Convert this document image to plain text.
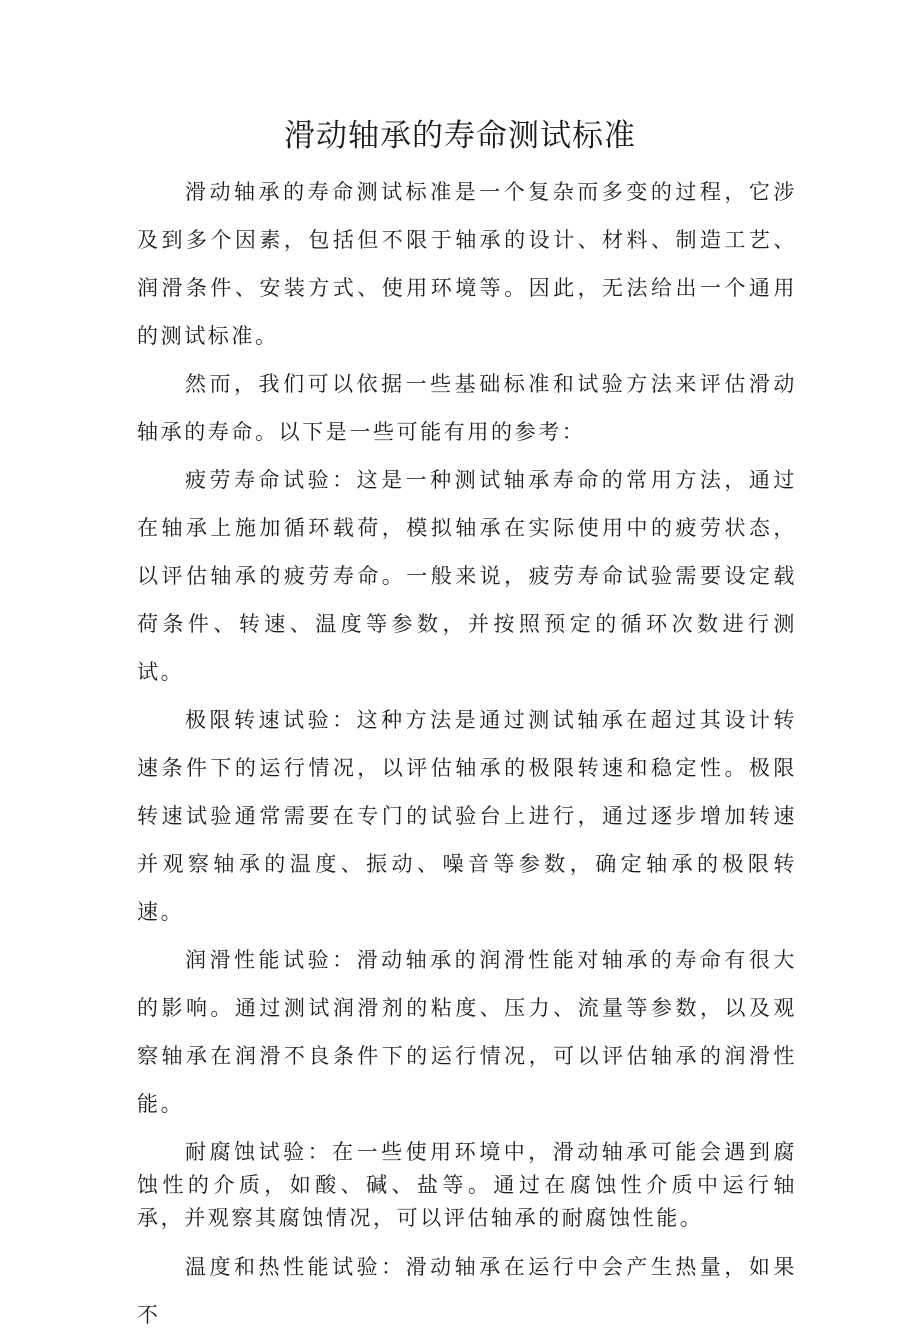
滑动轴承的寿命测试标准

滑动轴承的寿命测试标准是一个复杂而多变的过程，它涉及到多个因素，包括但不限于轴承的设计、材料、制造工艺、润滑条件、安装方式、使用环境等。因此，无法给出一个通用的测试标准。

然而，我们可以依据一些基础标准和试验方法来评估滑动轴承的寿命。以下是一些可能有用的参考：

疲劳寿命试验：这是一种测试轴承寿命的常用方法，通过在轴承上施加循环载荷，模拟轴承在实际使用中的疲劳状态，以评估轴承的疲劳寿命。一般来说，疲劳寿命试验需要设定载荷条件、转速、温度等参数，并按照预定的循环次数进行测试。

极限转速试验：这种方法是通过测试轴承在超过其设计转速条件下的运行情况，以评估轴承的极限转速和稳定性。极限转速试验通常需要在专门的试验台上进行，通过逐步增加转速并观察轴承的温度、振动、噪音等参数，确定轴承的极限转速。

润滑性能试验：滑动轴承的润滑性能对轴承的寿命有很大的影响。通过测试润滑剂的粘度、压力、流量等参数，以及观察轴承在润滑不良条件下的运行情况，可以评估轴承的润滑性能。

耐腐蚀试验：在一些使用环境中，滑动轴承可能会遇到腐蚀性的介质，如酸、碱、盐等。通过在腐蚀性介质中运行轴承，并观察其腐蚀情况，可以评估轴承的耐腐蚀性能。

温度和热性能试验：滑动轴承在运行中会产生热量，如果不
